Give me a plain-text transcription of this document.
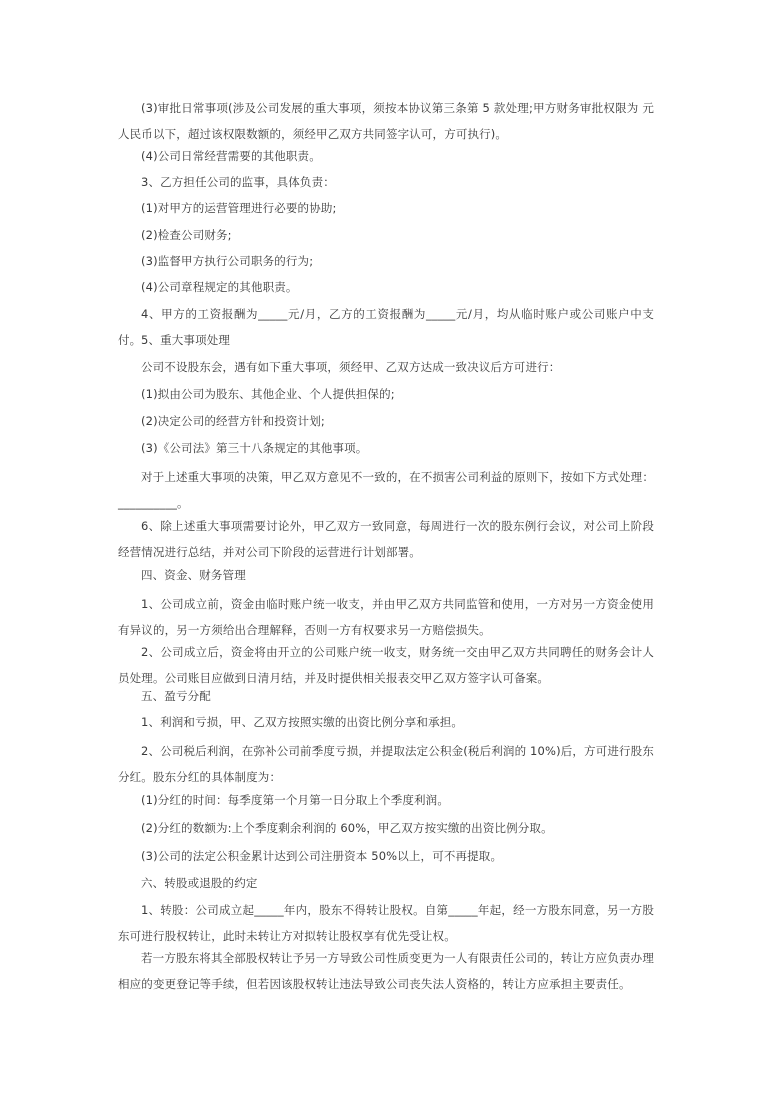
(3)审批日常事项(涉及公司发展的重大事项，须按本协议第三条第 5 款处理;甲方财务审批权限为 元人民币以下，超过该权限数额的，须经甲乙双方共同签字认可，方可执行)。

(4)公司日常经营需要的其他职责。

3、乙方担任公司的监事，具体负责：

(1)对甲方的运营管理进行必要的协助;

(2)检查公司财务;

(3)监督甲方执行公司职务的行为;

(4)公司章程规定的其他职责。

4、甲方的工资报酬为_____元/月，乙方的工资报酬为_____元/月，均从临时账户或公司账户中支付。 5、重大事项处理

公司不设股东会，遇有如下重大事项，须经甲、乙双方达成一致决议后方可进行：

(1)拟由公司为股东、其他企业、个人提供担保的;

(2)决定公司的经营方针和投资计划;

(3)《公司法》第三十八条规定的其他事项。

对于上述重大事项的决策，甲乙双方意见不一致的，在不损害公司利益的原则下，按如下方式处理：__________。

6、除上述重大事项需要讨论外，甲乙双方一致同意，每周进行一次的股东例行会议，对公司上阶段经营情况进行总结，并对公司下阶段的运营进行计划部署。

四、资金、财务管理

1、公司成立前，资金由临时账户统一收支，并由甲乙双方共同监管和使用，一方对另一方资金使用有异议的，另一方须给出合理解释，否则一方有权要求另一方赔偿损失。

2、公司成立后，资金将由开立的公司账户统一收支，财务统一交由甲乙双方共同聘任的财务会计人员处理。公司账目应做到日清月结，并及时提供相关报表交甲乙双方签字认可备案。

五、盈亏分配

1、利润和亏损，甲、乙双方按照实缴的出资比例分享和承担。

2、公司税后利润，在弥补公司前季度亏损，并提取法定公积金(税后利润的 10%)后，方可进行股东分红。股东分红的具体制度为：

(1)分红的时间：每季度第一个月第一日分取上个季度利润。

(2)分红的数额为:上个季度剩余利润的 60%，甲乙双方按实缴的出资比例分取。

(3)公司的法定公积金累计达到公司注册资本 50%以上，可不再提取。

六、转股或退股的约定

1、转股：公司成立起_____年内，股东不得转让股权。自第_____年起，经一方股东同意，另一方股东可进行股权转让，此时未转让方对拟转让股权享有优先受让权。

若一方股东将其全部股权转让予另一方导致公司性质变更为一人有限责任公司的，转让方应负责办理相应的变更登记等手续，但若因该股权转让违法导致公司丧失法人资格的，转让方应承担主要责任。
